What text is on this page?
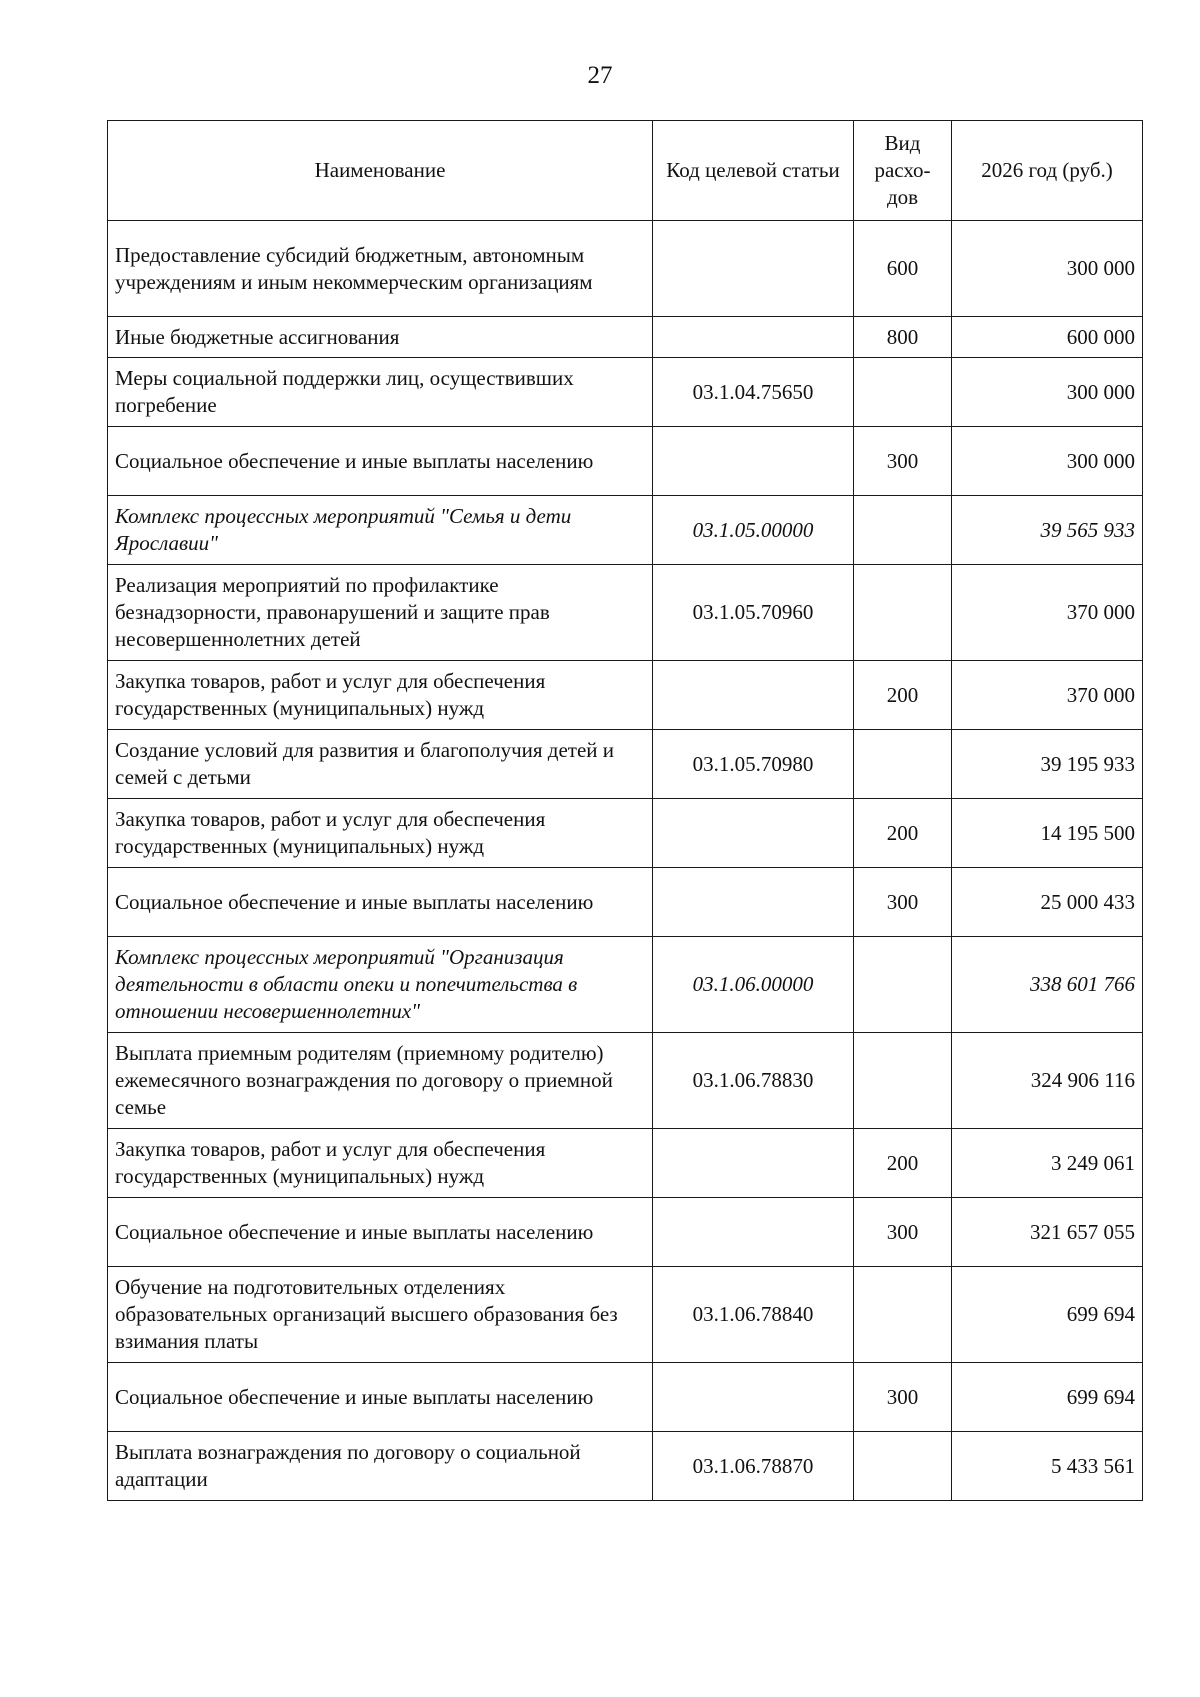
27
Наименование	Код целевой статьи	Вид расхо-дов	2026 год (руб.)
Предоставление субсидий бюджетным, автономным учреждениям и иным некоммерческим организациям		600	300 000
Иные бюджетные ассигнования		800	600 000
Меры социальной поддержки лиц, осуществивших погребение	03.1.04.75650		300 000
Социальное обеспечение и иные выплаты населению		300	300 000
Комплекс процессных мероприятий "Семья и дети Ярославии"	03.1.05.00000		39 565 933
Реализация мероприятий по профилактике безнадзорности, правонарушений и защите прав несовершеннолетних детей	03.1.05.70960		370 000
Закупка товаров, работ и услуг для обеспечения государственных (муниципальных) нужд		200	370 000
Создание условий для развития и благополучия детей и семей с детьми	03.1.05.70980		39 195 933
Закупка товаров, работ и услуг для обеспечения государственных (муниципальных) нужд		200	14 195 500
Социальное обеспечение и иные выплаты населению		300	25 000 433
Комплекс процессных мероприятий "Организация деятельности в области опеки и попечительства в отношении несовершеннолетних"	03.1.06.00000		338 601 766
Выплата приемным родителям (приемному родителю) ежемесячного вознаграждения по договору о приемной семье	03.1.06.78830		324 906 116
Закупка товаров, работ и услуг для обеспечения государственных (муниципальных) нужд		200	3 249 061
Социальное обеспечение и иные выплаты населению		300	321 657 055
Обучение на подготовительных отделениях образовательных организаций высшего образования без взимания платы	03.1.06.78840		699 694
Социальное обеспечение и иные выплаты населению		300	699 694
Выплата вознаграждения по договору о социальной адаптации	03.1.06.78870		5 433 561
